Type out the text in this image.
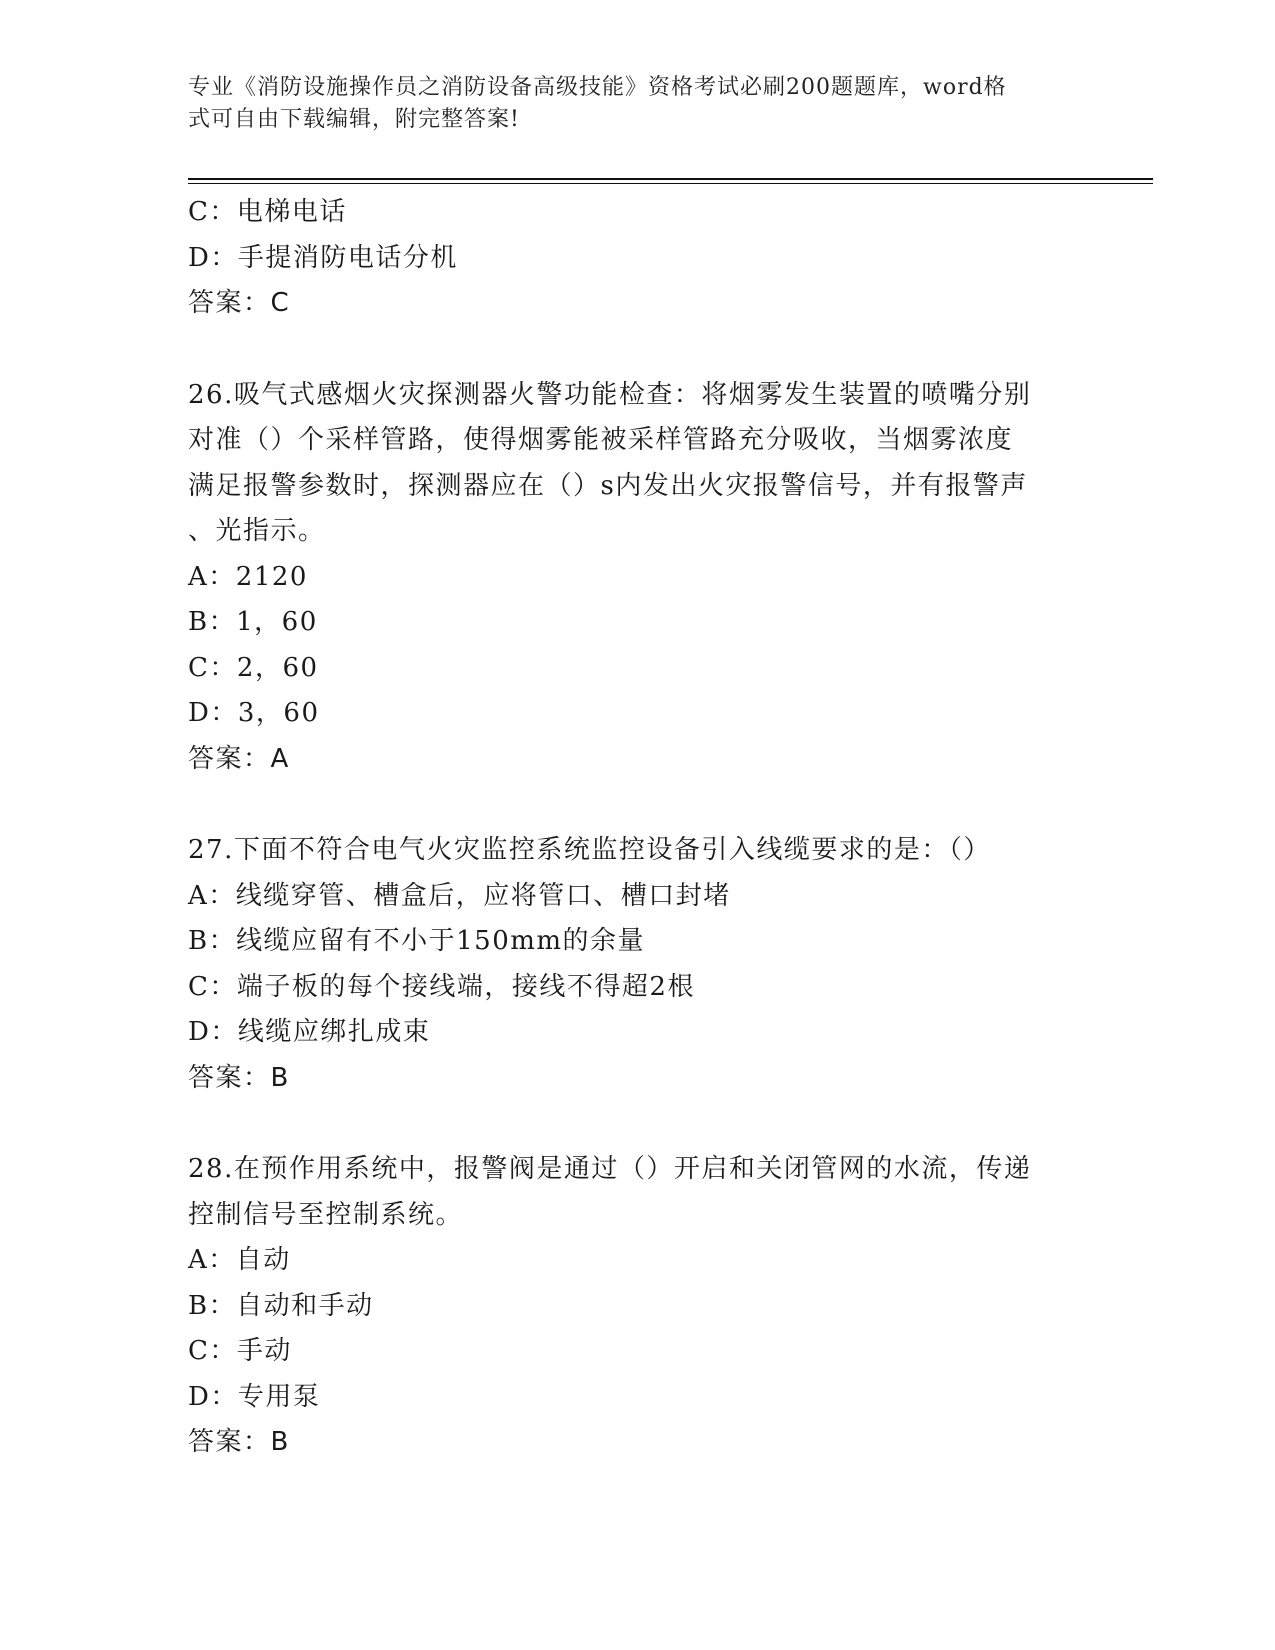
专业《消防设施操作员之消防设备高级技能》资格考试必刷200题题库，word格
式可自由下载编辑，附完整答案!
C：电梯电话
D：手提消防电话分机
答案：C
26.吸气式感烟火灾探测器火警功能检查：将烟雾发生装置的喷嘴分别
对准（）个采样管路，使得烟雾能被采样管路充分吸收，当烟雾浓度
满足报警参数时，探测器应在（）s内发出火灾报警信号，并有报警声
、光指示。
A：2120
B：1，60
C：2，60
D：3，60
答案：A
27.下面不符合电气火灾监控系统监控设备引入线缆要求的是：（）
A：线缆穿管、槽盒后，应将管口、槽口封堵
B：线缆应留有不小于150mm的余量
C：端子板的每个接线端，接线不得超2根
D：线缆应绑扎成束
答案：B
28.在预作用系统中，报警阀是通过（）开启和关闭管网的水流，传递
控制信号至控制系统。
A：自动
B：自动和手动
C：手动
D：专用泵
答案：B
